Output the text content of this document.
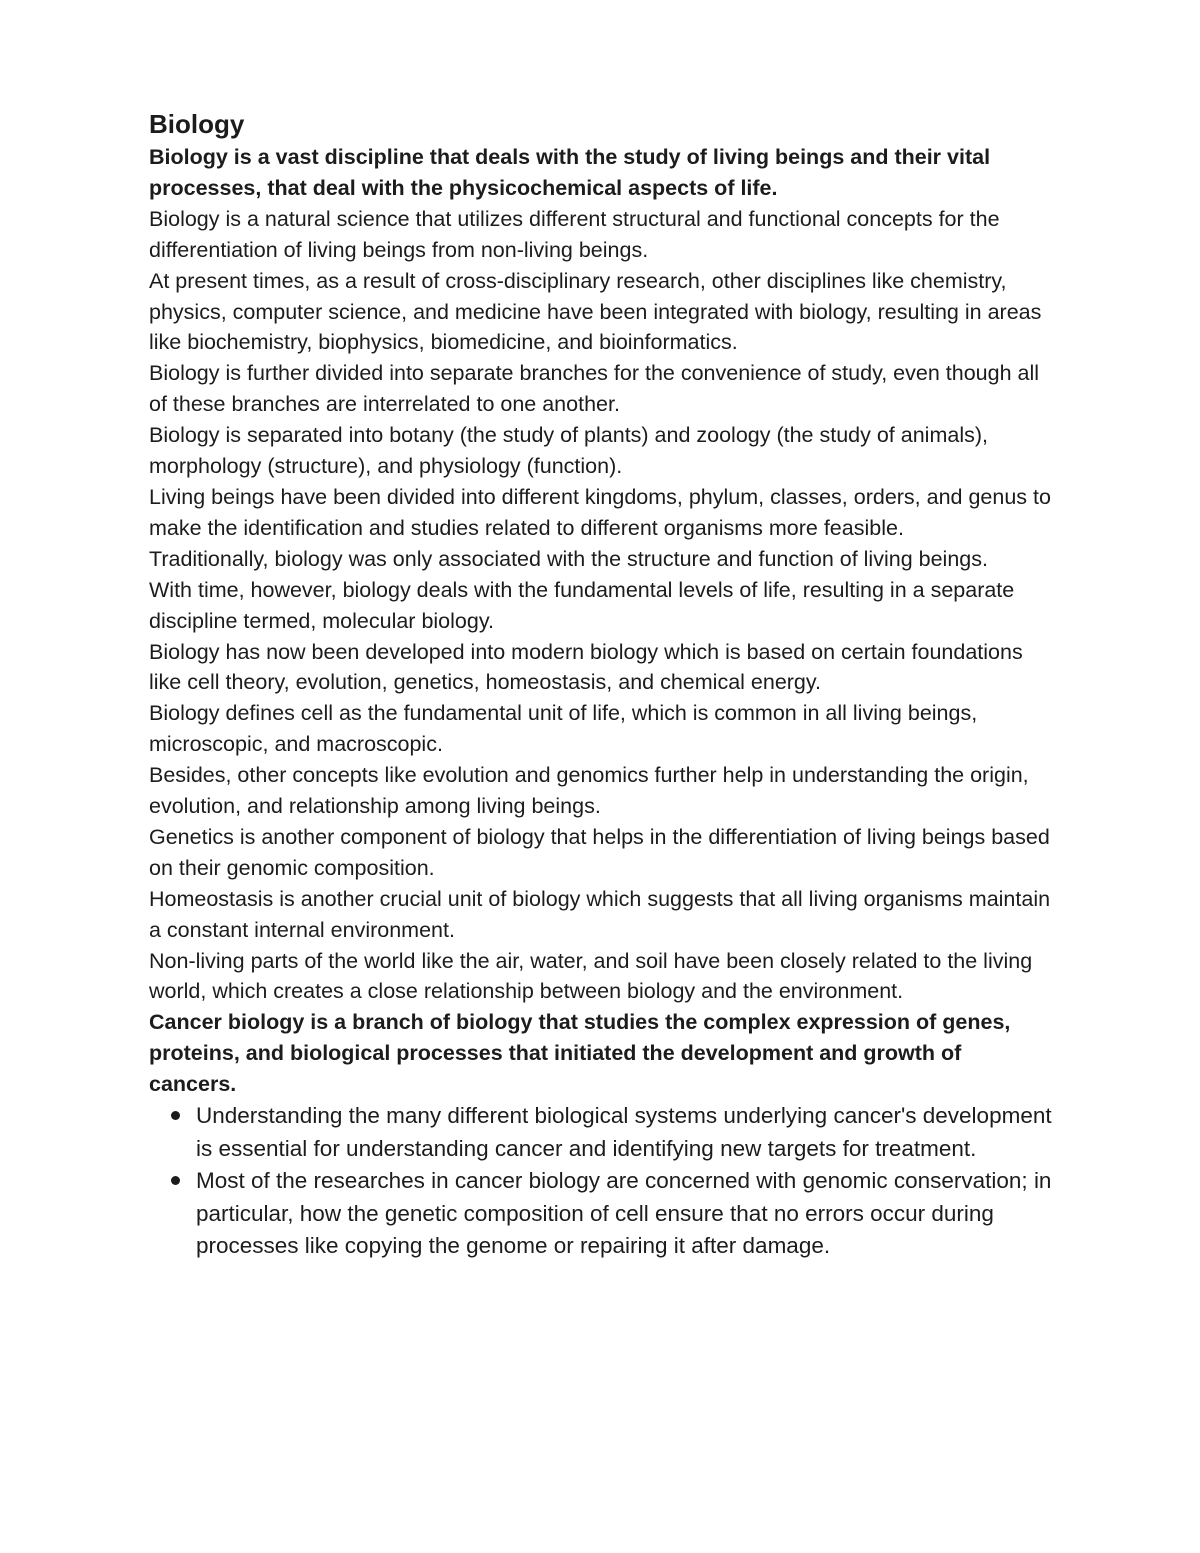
Biology

Biology is a vast discipline that deals with the study of living beings and their vital processes, that deal with the physicochemical aspects of life.

Biology is a natural science that utilizes different structural and functional concepts for the differentiation of living beings from non-living beings.

At present times, as a result of cross-disciplinary research, other disciplines like chemistry, physics, computer science, and medicine have been integrated with biology, resulting in areas like biochemistry, biophysics, biomedicine, and bioinformatics.

Biology is further divided into separate branches for the convenience of study, even though all of these branches are interrelated to one another.

Biology is separated into botany (the study of plants) and zoology (the study of animals), morphology (structure), and physiology (function).

Living beings have been divided into different kingdoms, phylum, classes, orders, and genus to make the identification and studies related to different organisms more feasible.

Traditionally, biology was only associated with the structure and function of living beings.

With time, however, biology deals with the fundamental levels of life, resulting in a separate discipline termed, molecular biology.

Biology has now been developed into modern biology which is based on certain foundations like cell theory, evolution, genetics, homeostasis, and chemical energy.

Biology defines cell as the fundamental unit of life, which is common in all living beings, microscopic, and macroscopic.

Besides, other concepts like evolution and genomics further help in understanding the origin, evolution, and relationship among living beings.

Genetics is another component of biology that helps in the differentiation of living beings based on their genomic composition.

Homeostasis is another crucial unit of biology which suggests that all living organisms maintain a constant internal environment.

Non-living parts of the world like the air, water, and soil have been closely related to the living world, which creates a close relationship between biology and the environment.

Cancer biology is a branch of biology that studies the complex expression of genes, proteins, and biological processes that initiated the development and growth of cancers.

Understanding the many different biological systems underlying cancer's development is essential for understanding cancer and identifying new targets for treatment.
Most of the researches in cancer biology are concerned with genomic conservation; in particular, how the genetic composition of cell ensure that no errors occur during processes like copying the genome or repairing it after damage.
